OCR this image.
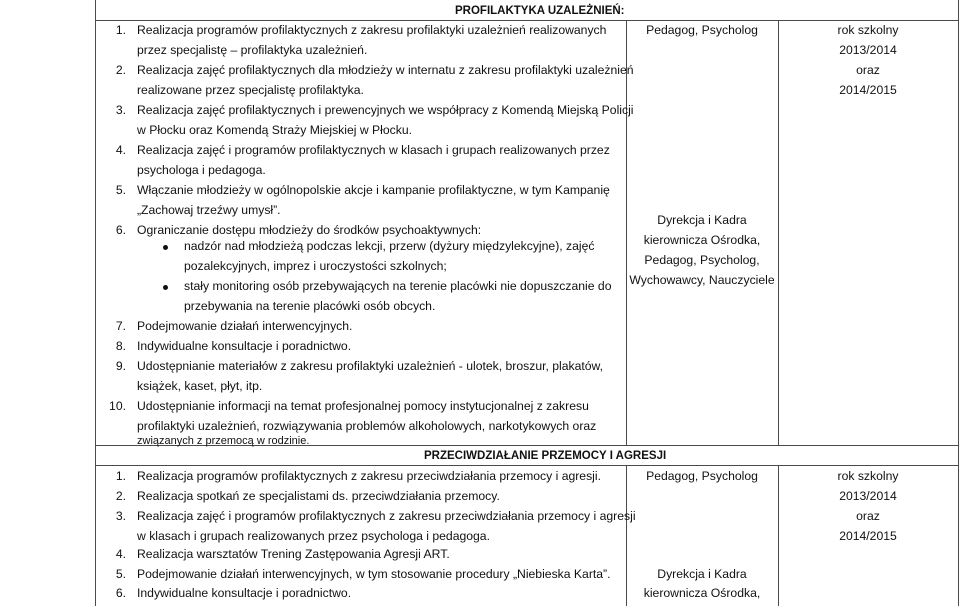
PROFILAKTYKA UZALEŻNIEŃ:
1. Realizacja programów profilaktycznych z zakresu profilaktyki uzależnień realizowanych
przez specjalistę – profilaktyka uzależnień.
2. Realizacja zajęć profilaktycznych dla młodzieży w internatu z zakresu profilaktyki uzależnień
realizowane przez specjalistę profilaktyka.
3. Realizacja zajęć profilaktycznych i prewencyjnych we współpracy z Komendą Miejską Policji
w Płocku oraz Komendą Straży Miejskiej w Płocku.
4. Realizacja zajęć i programów profilaktycznych w klasach i grupach realizowanych przez
psychologa i pedagoga.
5. Włączanie młodzieży w ogólnopolskie akcje i kampanie profilaktyczne, w tym Kampanię
„Zachowaj trzeźwy umysł”.
6. Ograniczanie dostępu młodzieży do środków psychoaktywnych:
nadzór nad młodzieżą podczas lekcji, przerw (dyżury międzylekcyjne), zajęć
pozalekcyjnych, imprez i uroczystości szkolnych;
stały monitoring osób przebywających na terenie placówki nie dopuszczanie do
przebywania na terenie placówki osób obcych.
7. Podejmowanie działań interwencyjnych.
8. Indywidualne konsultacje i poradnictwo.
9. Udostępnianie materiałów z zakresu profilaktyki uzależnień - ulotek, broszur, plakatów,
książek, kaset, płyt, itp.
10. Udostępnianie informacji na temat profesjonalnej pomocy instytucjonalnej z zakresu
profilaktyki uzależnień, rozwiązywania problemów alkoholowych, narkotykowych oraz
związanych z przemocą w rodzinie.
Pedagog, Psycholog
Dyrekcja i Kadra
kierownicza Ośrodka,
Pedagog, Psycholog,
Wychowawcy, Nauczyciele
rok szkolny
2013/2014
oraz
2014/2015
PRZECIWDZIAŁANIE PRZEMOCY I AGRESJI
1. Realizacja programów profilaktycznych z zakresu przeciwdziałania przemocy i agresji.
2. Realizacja spotkań ze specjalistami ds. przeciwdziałania przemocy.
3. Realizacja zajęć i programów profilaktycznych z zakresu przeciwdziałania przemocy i agresji
w klasach i grupach realizowanych przez psychologa i pedagoga.
4. Realizacja warsztatów Trening Zastępowania Agresji ART.
5. Podejmowanie działań interwencyjnych, w tym stosowanie procedury „Niebieska Karta”.
6. Indywidualne konsultacje i poradnictwo.
Pedagog, Psycholog
Dyrekcja i Kadra
kierownicza Ośrodka,
rok szkolny
2013/2014
oraz
2014/2015
